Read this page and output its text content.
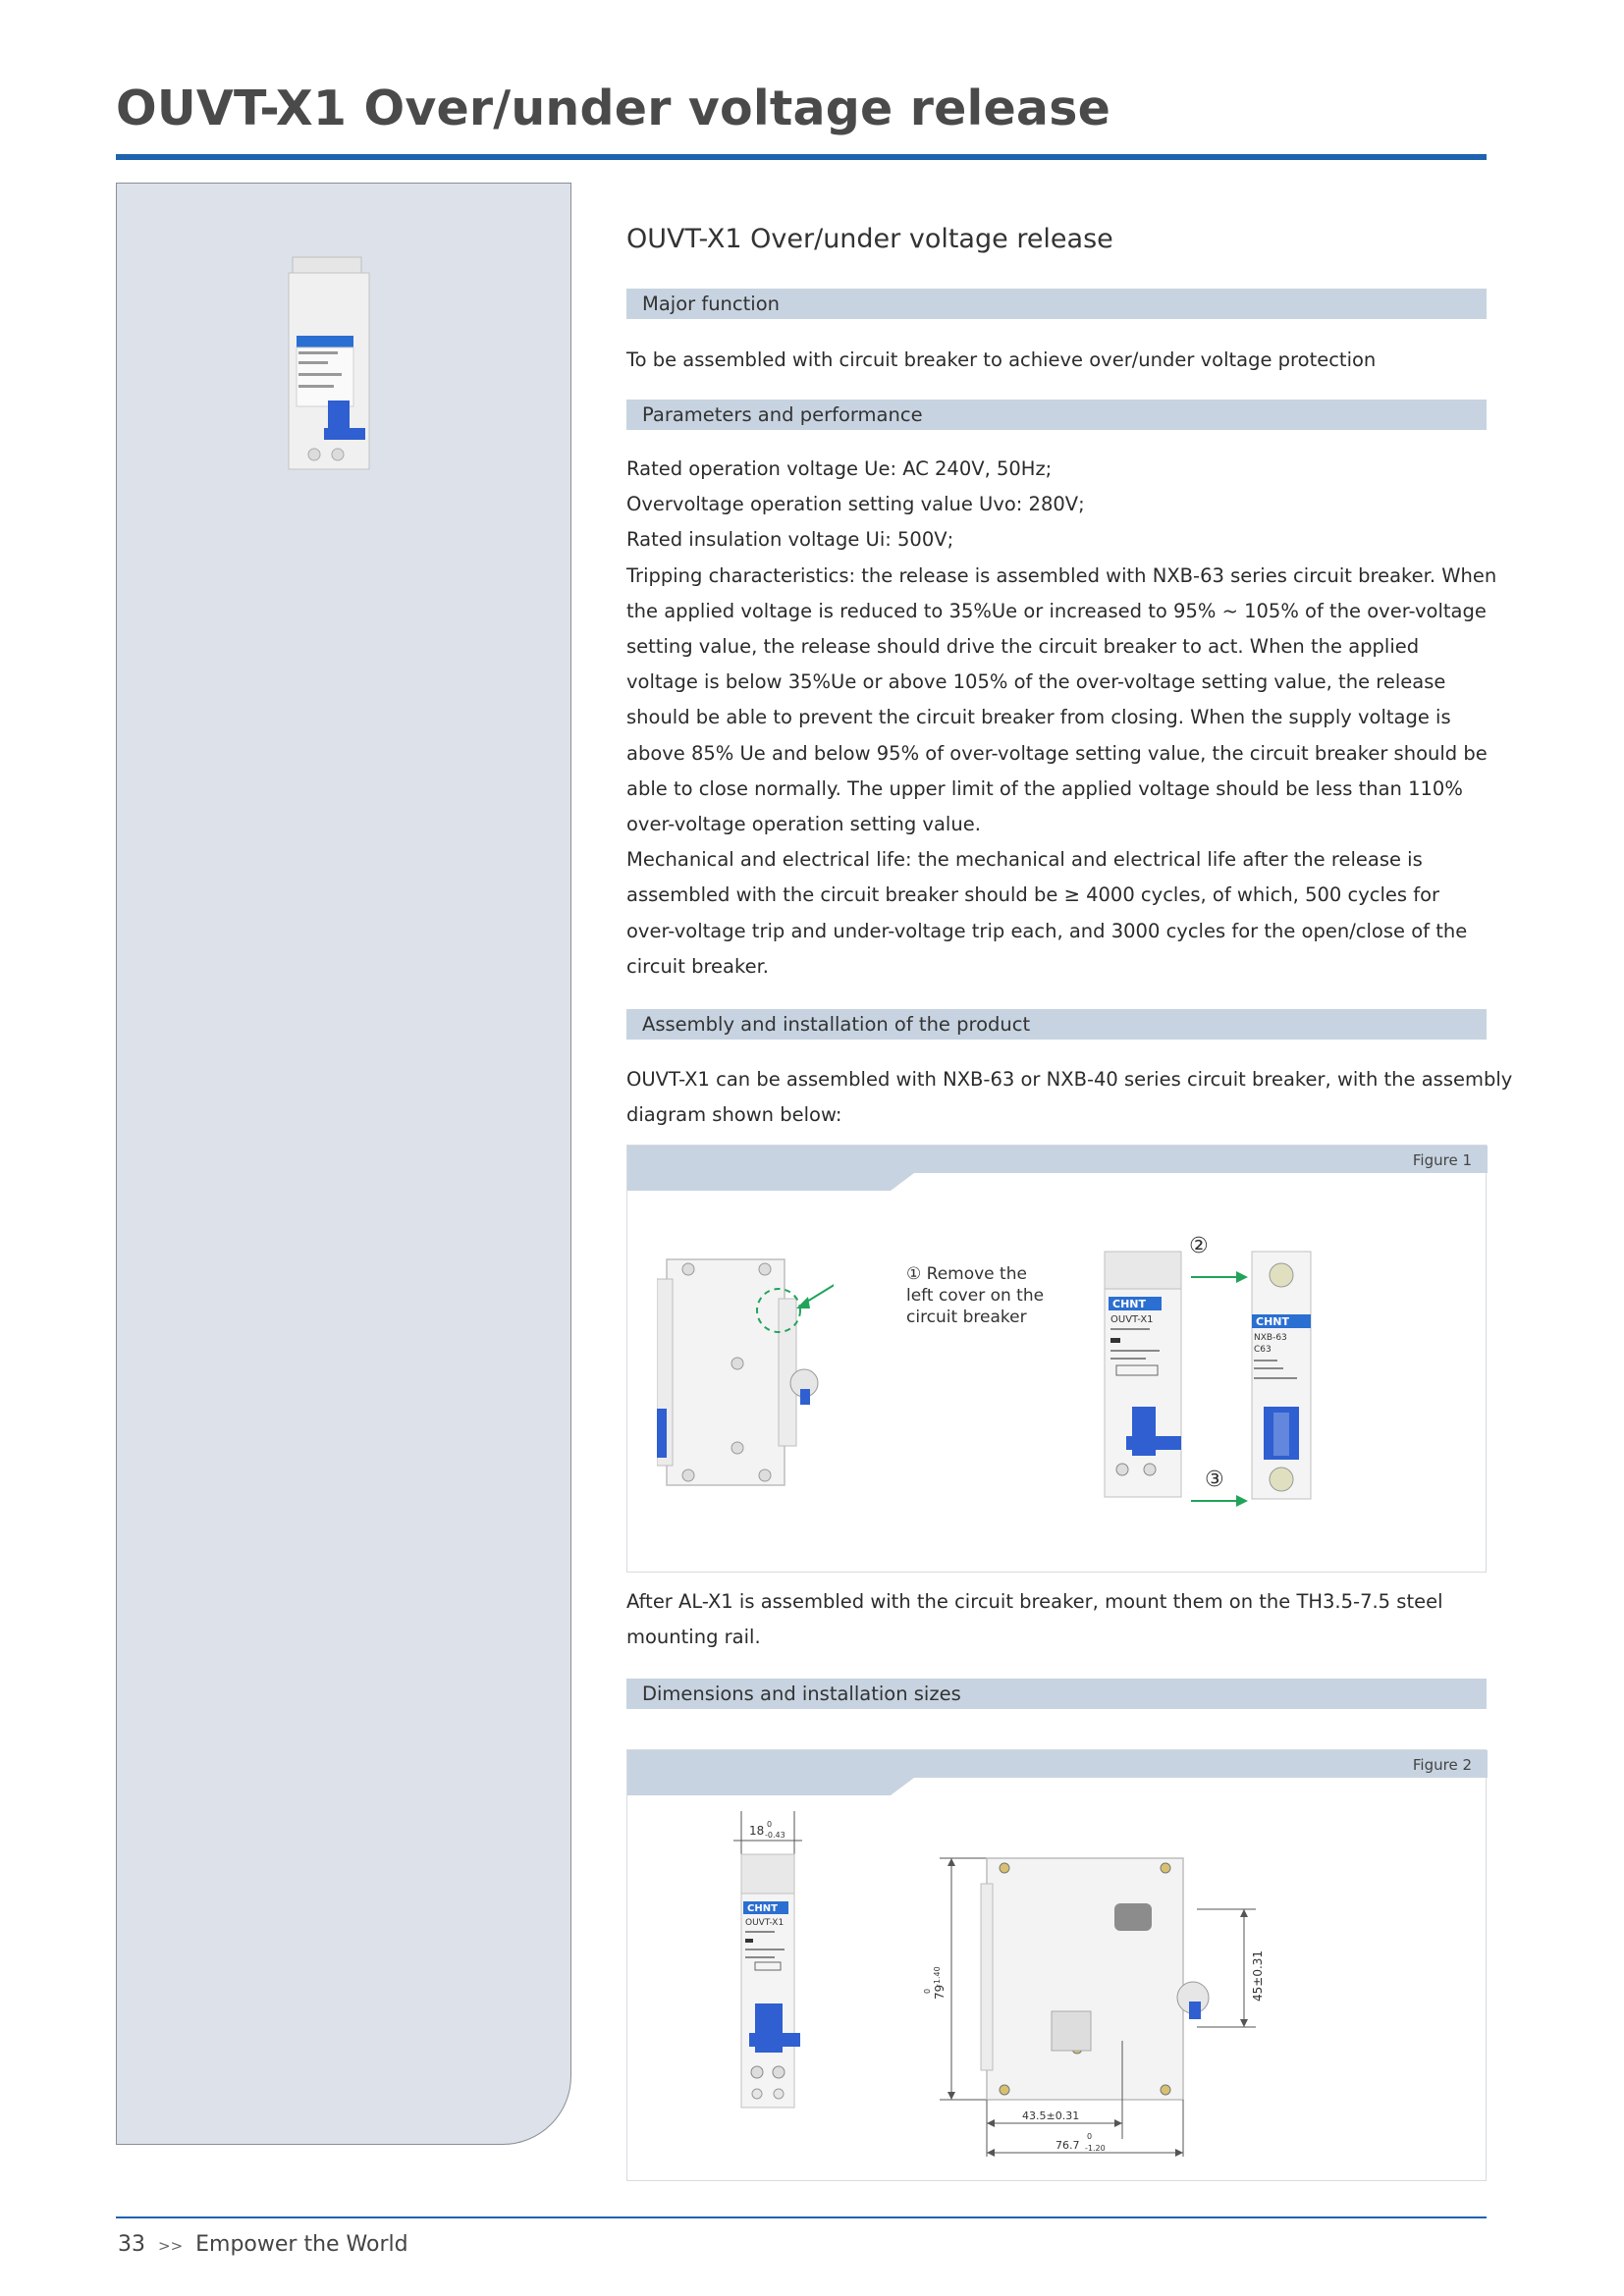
OUVT-X1 Over/under voltage release
OUVT-X1 Over/under voltage release
Major function
To be assembled with circuit breaker to achieve over/under voltage protection
Parameters and performance
Rated operation voltage Ue: AC 240V, 50Hz;
Overvoltage operation setting value Uvo: 280V;
Rated insulation voltage Ui: 500V;
Tripping characteristics: the release is assembled with NXB-63 series circuit breaker. When
the applied voltage is reduced to 35%Ue or increased to 95% ~ 105% of the over-voltage
setting value, the release should drive the circuit breaker to act. When the applied
voltage is below 35%Ue or above 105% of the over-voltage setting value, the release
should be able to prevent the circuit breaker from closing. When the supply voltage is
above 85% Ue and below 95% of over-voltage setting value, the circuit breaker should be
able to close normally. The upper limit of the applied voltage should be less than 110%
over-voltage operation setting value.
Mechanical and electrical life: the mechanical and electrical life after the release is
assembled with the circuit breaker should be ≥ 4000 cycles, of which, 500 cycles for
over-voltage trip and under-voltage trip each, and 3000 cycles for the open/close of the
circuit breaker.
Assembly and installation of the product
OUVT-X1 can be assembled with NXB-63 or NXB-40 series circuit breaker, with the assembly
diagram shown below:
Figure 1
① Remove the
left cover on the
circuit breaker
CHNT
OUVT-X1
②
③
CHNT
NXB-63
C63
After AL-X1 is assembled with the circuit breaker, mount them on the TH3.5-7.5 steel
mounting rail.
Dimensions and installation sizes
Figure 2
18 0
-0.43
CHNT
OUVT-X1
79
0
-1.40	45±0.31
43.5±0.31
76.7
0
-1.20
33 >> Empower the World
